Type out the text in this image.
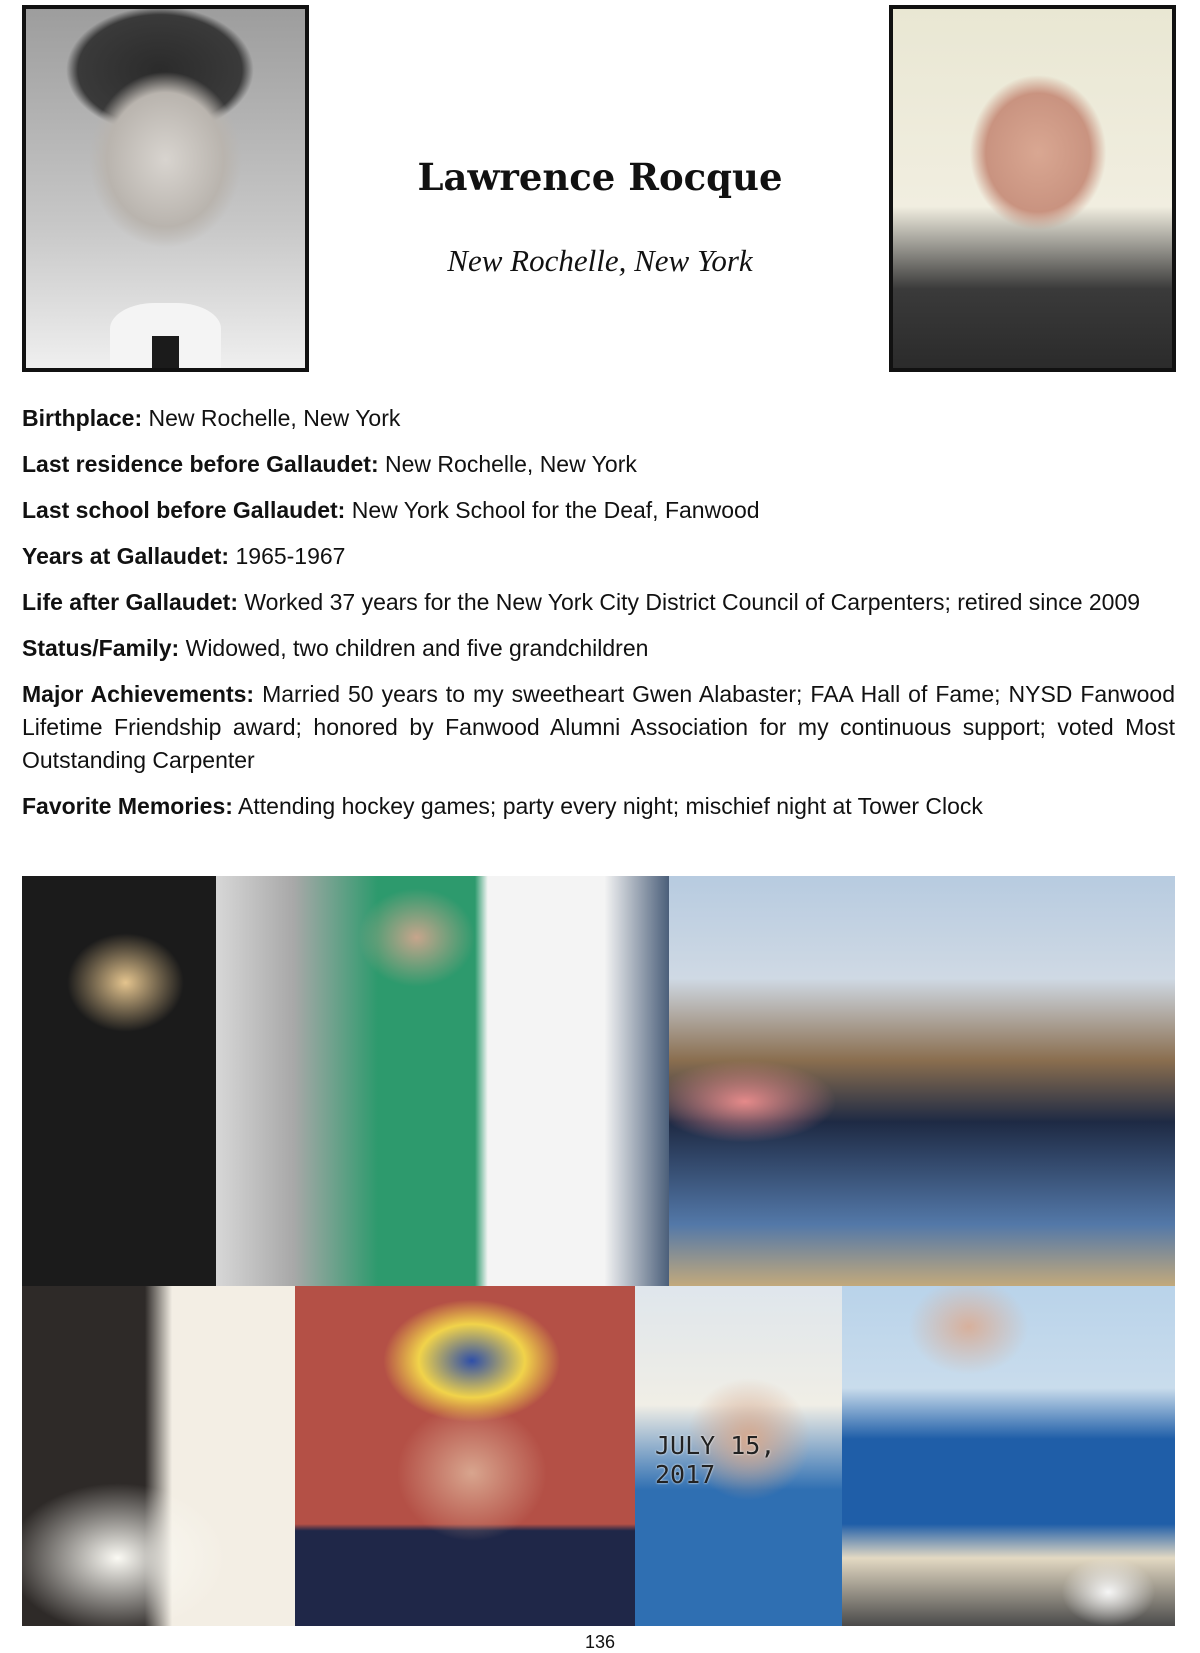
Lawrence Rocque
New Rochelle, New York

Birthplace: New Rochelle, New York

Last residence before Gallaudet: New Rochelle, New York

Last school before Gallaudet: New York School for the Deaf, Fanwood

Years at Gallaudet: 1965-1967

Life after Gallaudet: Worked 37 years for the New York City District Council of Carpenters; retired since 2009

Status/Family: Widowed, two children and five grandchildren

Major Achievements: Married 50 years to my sweetheart Gwen Alabaster; FAA Hall of Fame; NYSD Fanwood Lifetime Friendship award; honored by Fanwood Alumni Association for my continuous support; voted Most Outstanding Carpenter

Favorite Memories: Attending hockey games; party every night; mischief night at Tower Clock

JULY 15, 2017
136
